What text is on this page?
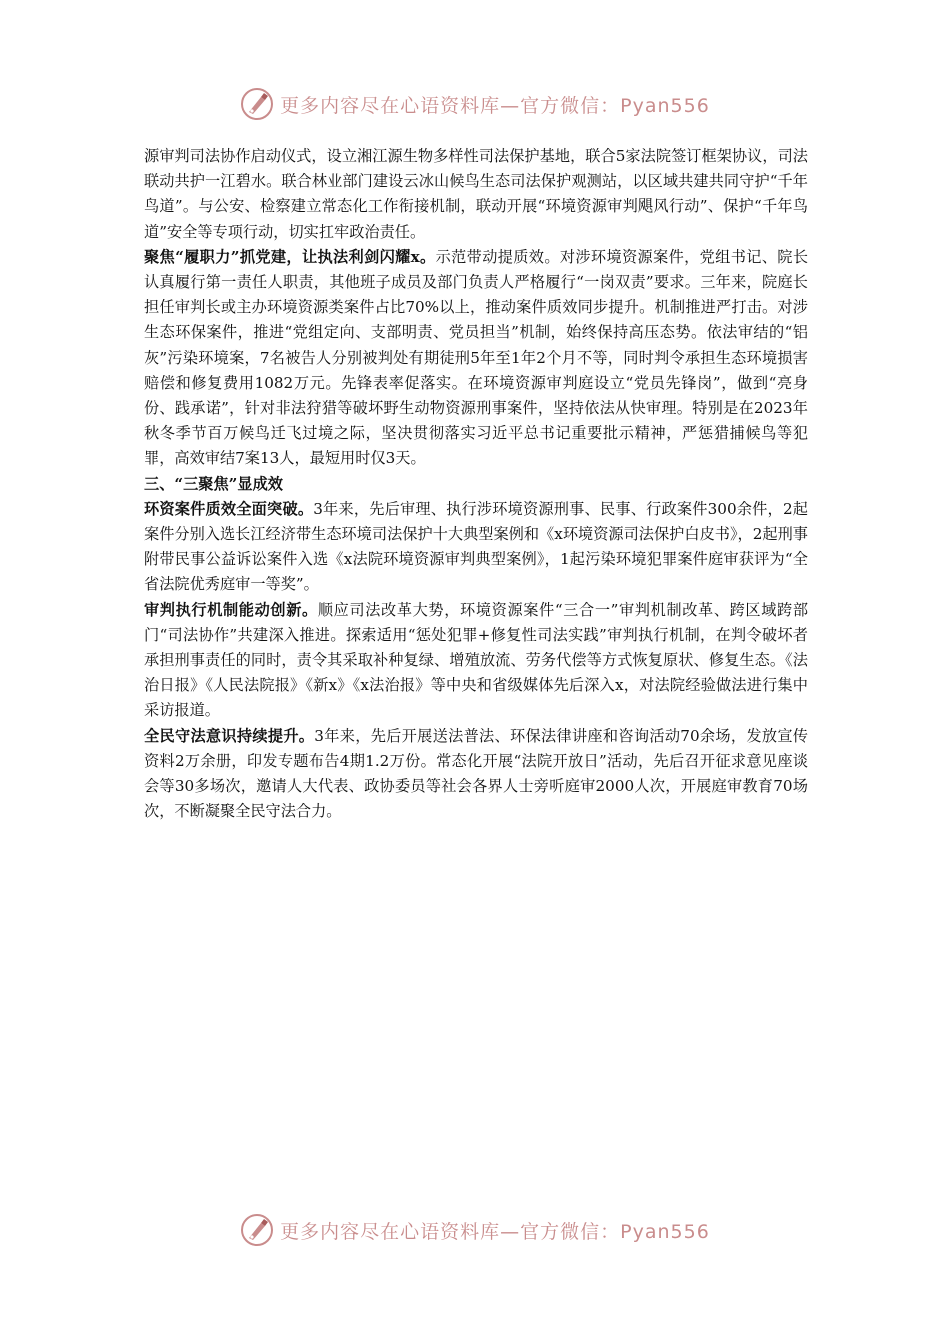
更多内容尽在心语资料库—官方微信：Pyan556

源审判司法协作启动仪式，设立湘江源生物多样性司法保护基地，联合5家法院签订框架协议，司法联动共护一江碧水。联合林业部门建设云冰山候鸟生态司法保护观测站，以区域共建共同守护“千年鸟道”。与公安、检察建立常态化工作衔接机制，联动开展“环境资源审判飓风行动”、保护“千年鸟道”安全等专项行动，切实扛牢政治责任。

聚焦“履职力”抓党建，让执法利剑闪耀x。示范带动提质效。对涉环境资源案件，党组书记、院长认真履行第一责任人职责，其他班子成员及部门负责人严格履行“一岗双责”要求。三年来，院庭长担任审判长或主办环境资源类案件占比70%以上，推动案件质效同步提升。机制推进严打击。对涉生态环保案件，推进“党组定向、支部明责、党员担当”机制，始终保持高压态势。依法审结的“铝灰”污染环境案，7名被告人分别被判处有期徒刑5年至1年2个月不等，同时判令承担生态环境损害赔偿和修复费用1082万元。先锋表率促落实。在环境资源审判庭设立“党员先锋岗”，做到“亮身份、践承诺”，针对非法狩猎等破坏野生动物资源刑事案件，坚持依法从快审理。特别是在2023年秋冬季节百万候鸟迁飞过境之际，坚决贯彻落实习近平总书记重要批示精神，严惩猎捕候鸟等犯罪，高效审结7案13人，最短用时仅3天。

三、“三聚焦”显成效

环资案件质效全面突破。3年来，先后审理、执行涉环境资源刑事、民事、行政案件300余件，2起案件分别入选长江经济带生态环境司法保护十大典型案例和《x环境资源司法保护白皮书》，2起刑事附带民事公益诉讼案件入选《x法院环境资源审判典型案例》，1起污染环境犯罪案件庭审获评为“全省法院优秀庭审一等奖”。

审判执行机制能动创新。顺应司法改革大势，环境资源案件“三合一”审判机制改革、跨区域跨部门“司法协作”共建深入推进。探索适用“惩处犯罪+修复性司法实践”审判执行机制，在判令破坏者承担刑事责任的同时，责令其采取补种复绿、增殖放流、劳务代偿等方式恢复原状、修复生态。《法治日报》《人民法院报》《新x》《x法治报》等中央和省级媒体先后深入x，对法院经验做法进行集中采访报道。

全民守法意识持续提升。3年来，先后开展送法普法、环保法律讲座和咨询活动70余场，发放宣传资料2万余册，印发专题布告4期1.2万份。常态化开展“法院开放日”活动，先后召开征求意见座谈会等30多场次，邀请人大代表、政协委员等社会各界人士旁听庭审2000人次，开展庭审教育70场次，不断凝聚全民守法合力。

更多内容尽在心语资料库—官方微信：Pyan556
